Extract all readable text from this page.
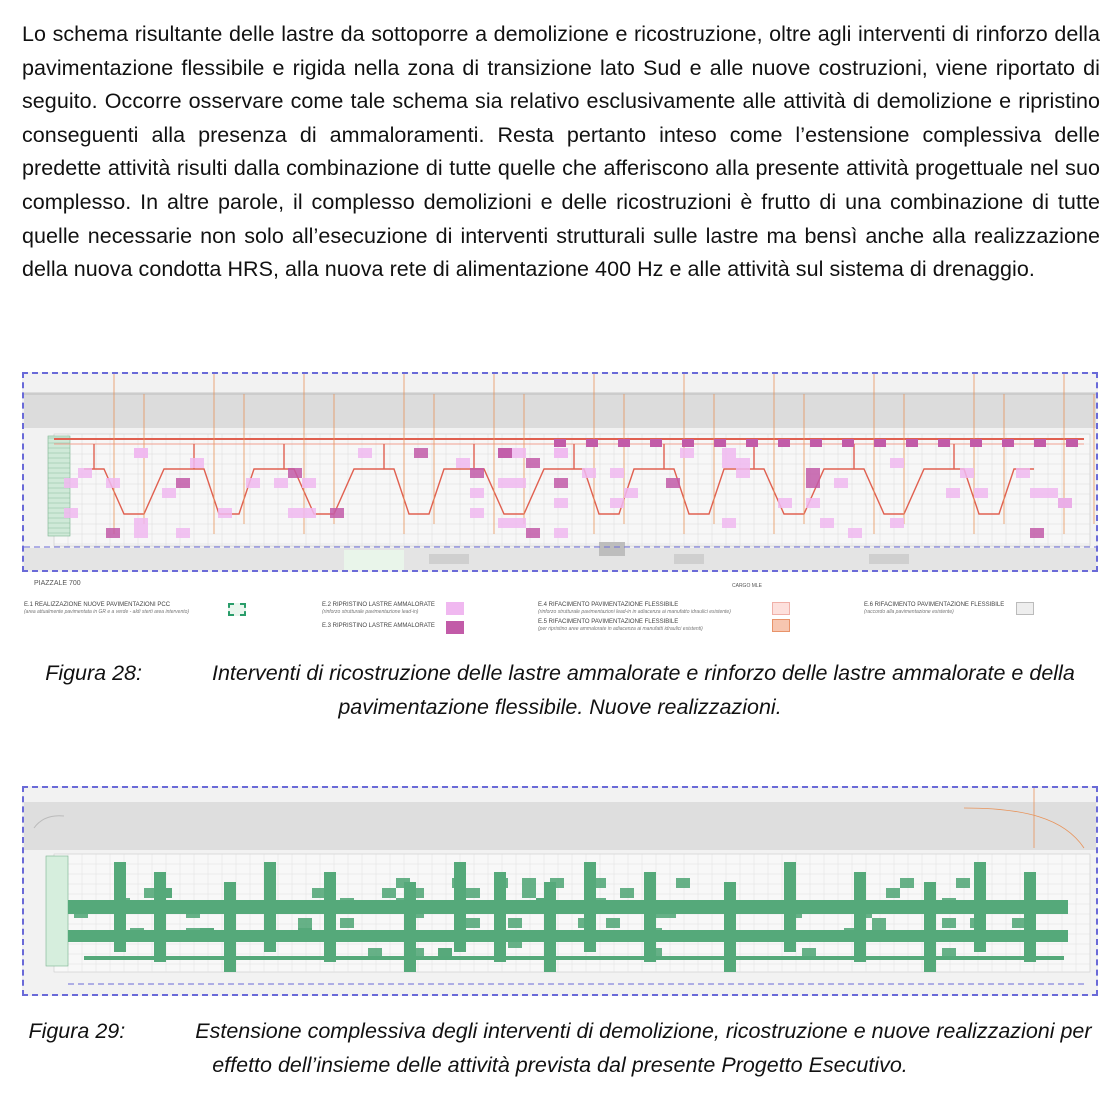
Lo schema risultante delle lastre da sottoporre a demolizione e ricostruzione, oltre agli interventi di rinforzo della pavimentazione flessibile e rigida nella zona di transizione lato Sud e alle nuove costruzioni, viene riportato di seguito. Occorre osservare come tale schema sia relativo esclusivamente alle attività di demolizione e ripristino conseguenti alla presenza di ammaloramenti. Resta pertanto inteso come l’estensione complessiva delle predette attività risulti dalla combinazione di tutte quelle che afferiscono alla presente attività progettuale nel suo complesso. In altre parole, il complesso demolizioni e delle ricostruzioni è frutto di una combinazione di tutte quelle necessarie non solo all’esecuzione di interventi strutturali sulle lastre ma bensì anche alla realizzazione della nuova condotta HRS, alla nuova rete di alimentazione 400 Hz e alle attività sul sistema di drenaggio.

PIAZZALE 700	CARGO MLE
E.1 REALIZZAZIONE NUOVE PAVIMENTAZIONI PCC
(area attualmente pavimentata in GR e a verde - aldi sterti area intervento)
E.2 RIPRISTINO LASTRE AMMALORATE
(rinforzo strutturale pavimentazione lead-in)
E.3 RIPRISTINO LASTRE AMMALORATE
E.4 RIFACIMENTO PAVIMENTAZIONE FLESSIBILE
(rinforzo strutturale pavimentazioni lead-in in adiacenza ai manufatto idraulici esistente)
E.5 RIFACIMENTO PAVIMENTAZIONE FLESSIBILE
(per ripristino aree ammalorate in adiacenza ai manufatti idraulici esistenti)
E.6 RIFACIMENTO PAVIMENTAZIONE FLESSIBILE
(raccordo alla pavimentazione esistente)
Figura 28:	Interventi di ricostruzione delle lastre ammalorate e rinforzo delle lastre ammalorate e della pavimentazione flessibile. Nuove realizzazioni.
Figura 29:	Estensione complessiva degli interventi di demolizione, ricostruzione e nuove realizzazioni per effetto dell’insieme delle attività prevista dal presente Progetto Esecutivo.
